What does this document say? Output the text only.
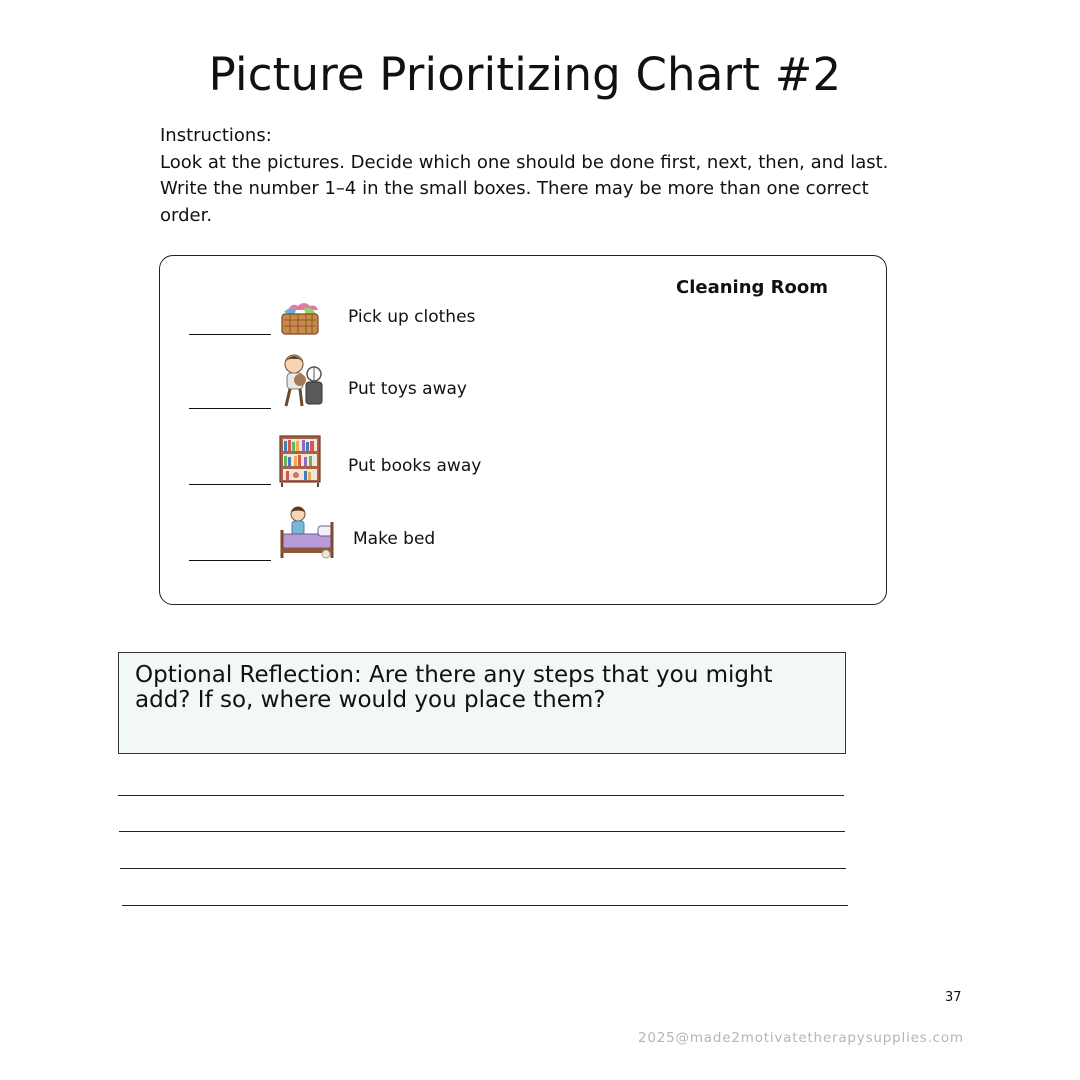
Picture Prioritizing Chart #2

Instructions:

Look at the pictures. Decide which one should be done first, next, then, and last. Write the number 1–4 in the small boxes. There may be more than one correct order.

Cleaning Room
Pick up clothes
Put toys away
Put books away
Make bed
Optional Reflection: Are there any steps that you might add? If so, where would you place them?
37
2025@made2motivatetherapysupplies.com
